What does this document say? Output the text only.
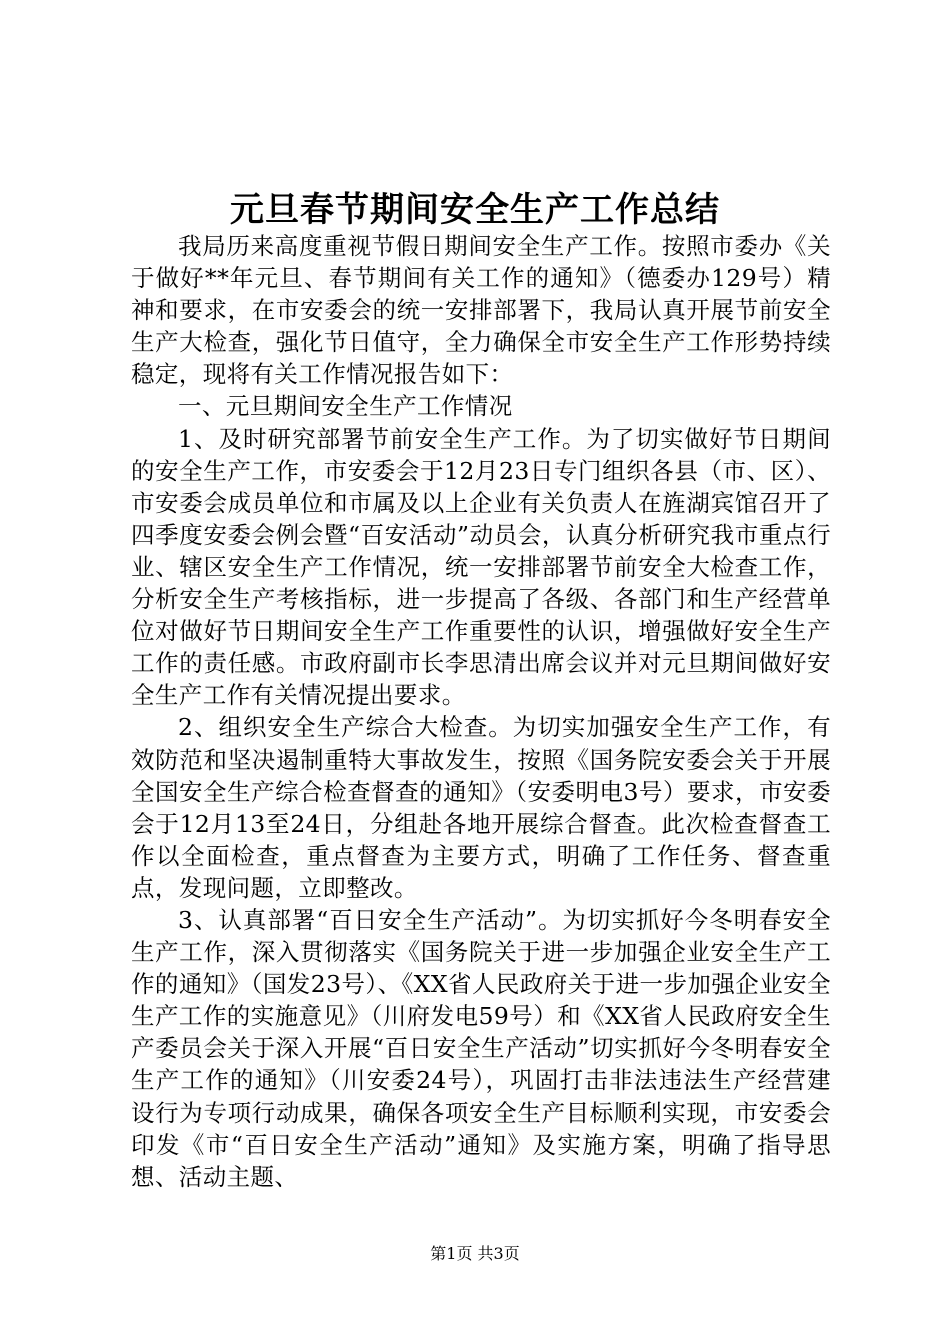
元旦春节期间安全生产工作总结

我局历来高度重视节假日期间安全生产工作。按照市委办《关于做好**年元旦、春节期间有关工作的通知》（德委办129号）精神和要求，在市安委会的统一安排部署下，我局认真开展节前安全生产大检查，强化节日值守，全力确保全市安全生产工作形势持续稳定，现将有关工作情况报告如下：

一、元旦期间安全生产工作情况

1、及时研究部署节前安全生产工作。为了切实做好节日期间的安全生产工作，市安委会于12月23日专门组织各县（市、区）、市安委会成员单位和市属及以上企业有关负责人在旌湖宾馆召开了四季度安委会例会暨“百安活动”动员会，认真分析研究我市重点行业、辖区安全生产工作情况，统一安排部署节前安全大检查工作，分析安全生产考核指标，进一步提高了各级、各部门和生产经营单位对做好节日期间安全生产工作重要性的认识，增强做好安全生产工作的责任感。市政府副市长李思清出席会议并对元旦期间做好安全生产工作有关情况提出要求。

2、组织安全生产综合大检查。为切实加强安全生产工作，有效防范和坚决遏制重特大事故发生，按照《国务院安委会关于开展全国安全生产综合检查督查的通知》（安委明电3号）要求，市安委会于12月13至24日，分组赴各地开展综合督查。此次检查督查工作以全面检查，重点督查为主要方式，明确了工作任务、督查重点，发现问题，立即整改。

3、认真部署“百日安全生产活动”。为切实抓好今冬明春安全生产工作，深入贯彻落实《国务院关于进一步加强企业安全生产工作的通知》（国发23号）、《XX省人民政府关于进一步加强企业安全生产工作的实施意见》（川府发电59号）和《XX省人民政府安全生产委员会关于深入开展“百日安全生产活动”切实抓好今冬明春安全生产工作的通知》（川安委24号），巩固打击非法违法生产经营建设行为专项行动成果，确保各项安全生产目标顺利实现，市安委会印发《市“百日安全生产活动”通知》及实施方案，明确了指导思想、活动主题、

第1页 共3页
